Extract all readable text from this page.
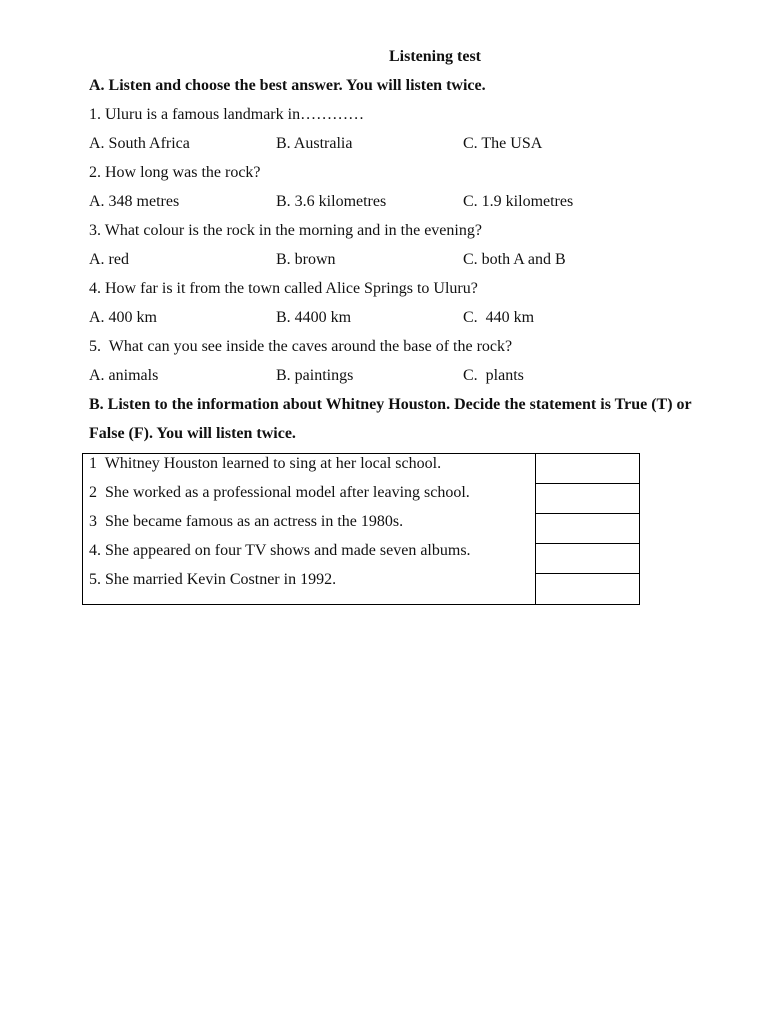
Listening test
A. Listen and choose the best answer. You will listen twice.
1. Uluru is a famous landmark in…………
A. South Africa	B. Australia	C. The USA
2. How long was the rock?
A. 348 metres	B. 3.6 kilometres	C. 1.9 kilometres
3. What colour is the rock in the morning and in the evening?
A. red	B. brown	C. both A and B
4. How far is it from the town called Alice Springs to Uluru?
A. 400 km	B. 4400 km	C.  440 km
5.  What can you see inside the caves around the base of the rock?
A. animals	B. paintings	C.  plants
B. Listen to the information about Whitney Houston. Decide the statement is True (T) or
False (F). You will listen twice.
1  Whitney Houston learned to sing at her local school.
2  She worked as a professional model after leaving school.
3  She became famous as an actress in the 1980s.
4. She appeared on four TV shows and made seven albums.
5. She married Kevin Costner in 1992.
